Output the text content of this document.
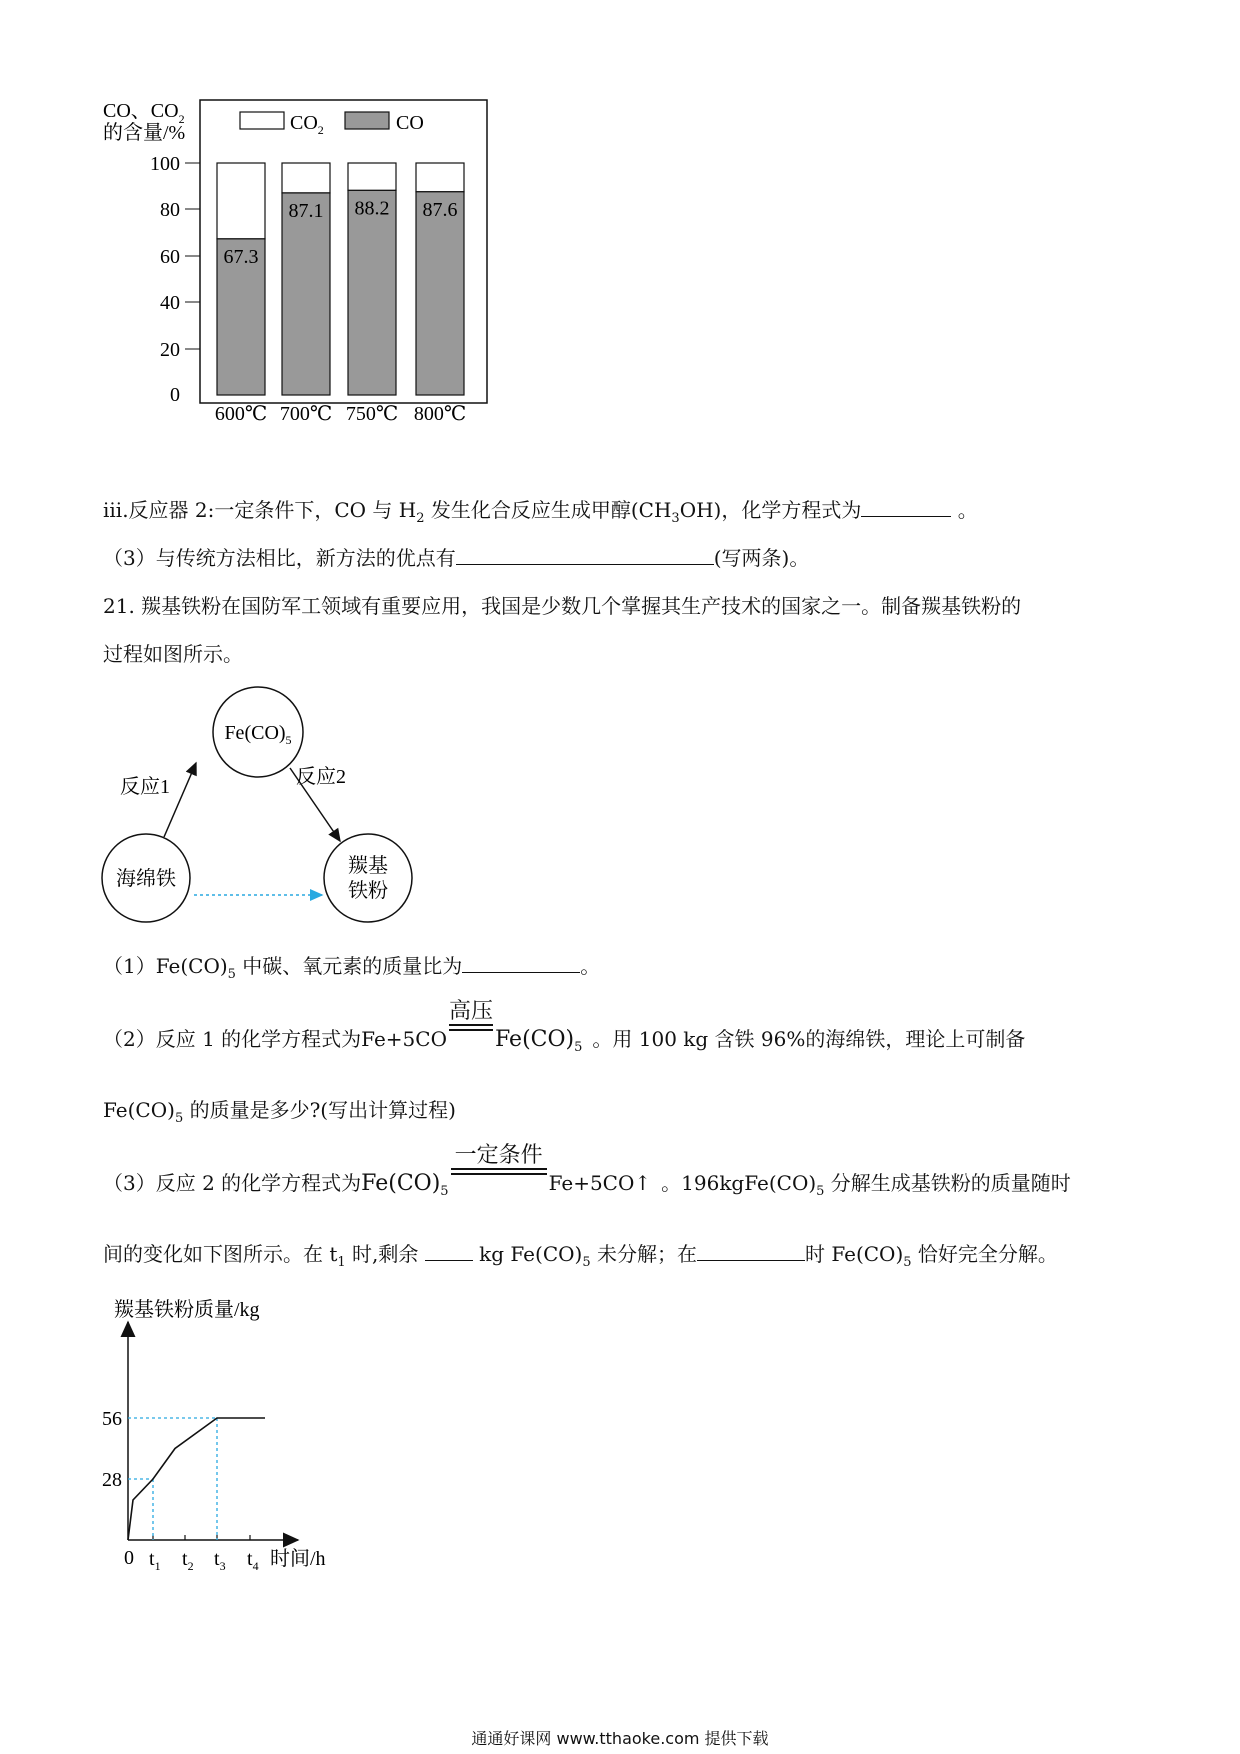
CO、$CO_2$
的含量/%	$CO_2$	CO
100
80
60
40
20
0
67.3
87.1 88.2 87.6
600℃ 700℃ 750℃ 800℃
iii.反应器 2:一定条件下，CO 与 $H_2$ 发生化合反应生成甲醇$(CH_3OH)$，化学方程式为	。
（3）与传统方法相比，新方法的优点有	(写两条)。
21. 羰基铁粉在国防军工领域有重要应用，我国是少数几个掌握其生产技术的国家之一。制备羰基铁粉的
过程如图所示。
$Fe(CO)_5$
海绵铁
羰基
铁粉
反应1	反应2
$(1)Fe(CO)_5$ 中碳、氧元素的质量比为	。
（2）反应 1 的化学方程式为Fe+5CO
高压
$Fe(CO)_5$ 。用 100 kg 含铁 96%的海绵铁，理论上可制备
$Fe(CO)_5$ 的质量是多少?(写出计算过程)
（3）反应 2 的化学方程式为$Fe(CO)_5$
一定条件
Fe+5CO↑ 。$196kgFe(CO)_5$ 分解生成基铁粉的质量随时
间的变化如下图所示。在 $t_1$ 时,剩余  kg $Fe(CO)_5$ 未分解；在	时 $Fe(CO)_5$ 恰好完全分解。
羰基铁粉质量/kg
56
28
0 $t_1$ $t_2$ $t_3$ $t_4$ 时间/h
通通好课网 www.tthaoke.com 提供下载
